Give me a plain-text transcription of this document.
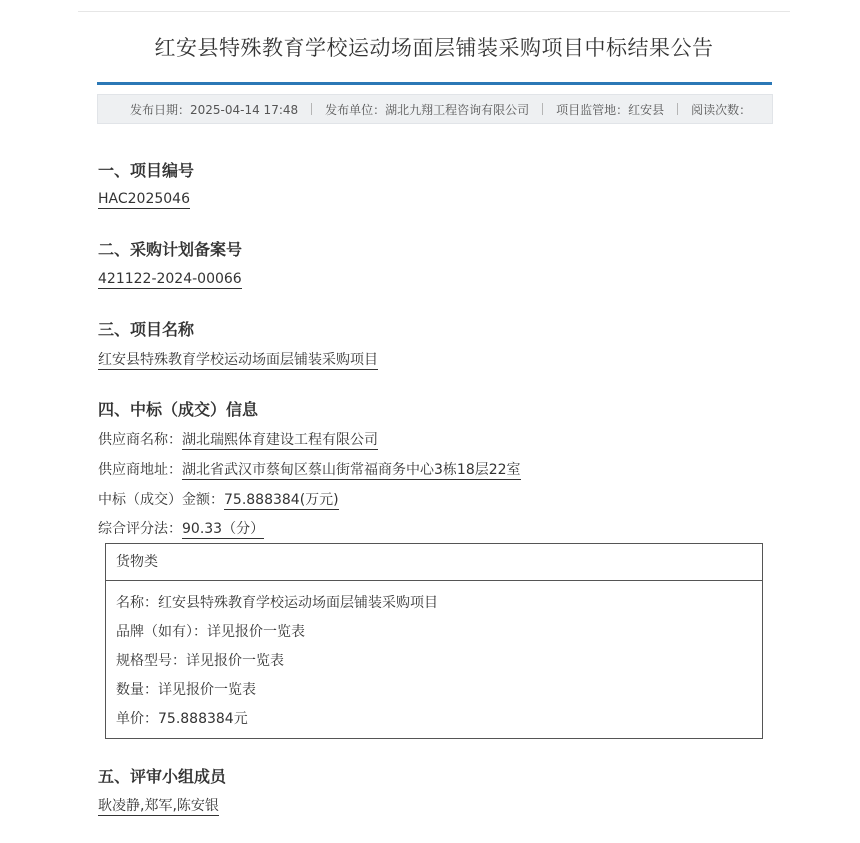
红安县特殊教育学校运动场面层铺装采购项目中标结果公告
发布日期：2025-04-14 17:48 发布单位：湖北九翔工程咨询有限公司 项目监管地：红安县 阅读次数：
一、项目编号
HAC2025046
二、采购计划备案号
421122-2024-00066
三、项目名称
红安县特殊教育学校运动场面层铺装采购项目
四、中标（成交）信息
供应商名称：湖北瑞熙体育建设工程有限公司
供应商地址：湖北省武汉市蔡甸区蔡山街常福商务中心3栋18层22室
中标（成交）金额：75.888384(万元)
综合评分法：90.33（分）
货物类
名称：红安县特殊教育学校运动场面层铺装采购项目
品牌（如有）：详见报价一览表
规格型号：详见报价一览表
数量：详见报价一览表
单价：75.888384元
五、评审小组成员
耿凌静,郑军,陈安银
